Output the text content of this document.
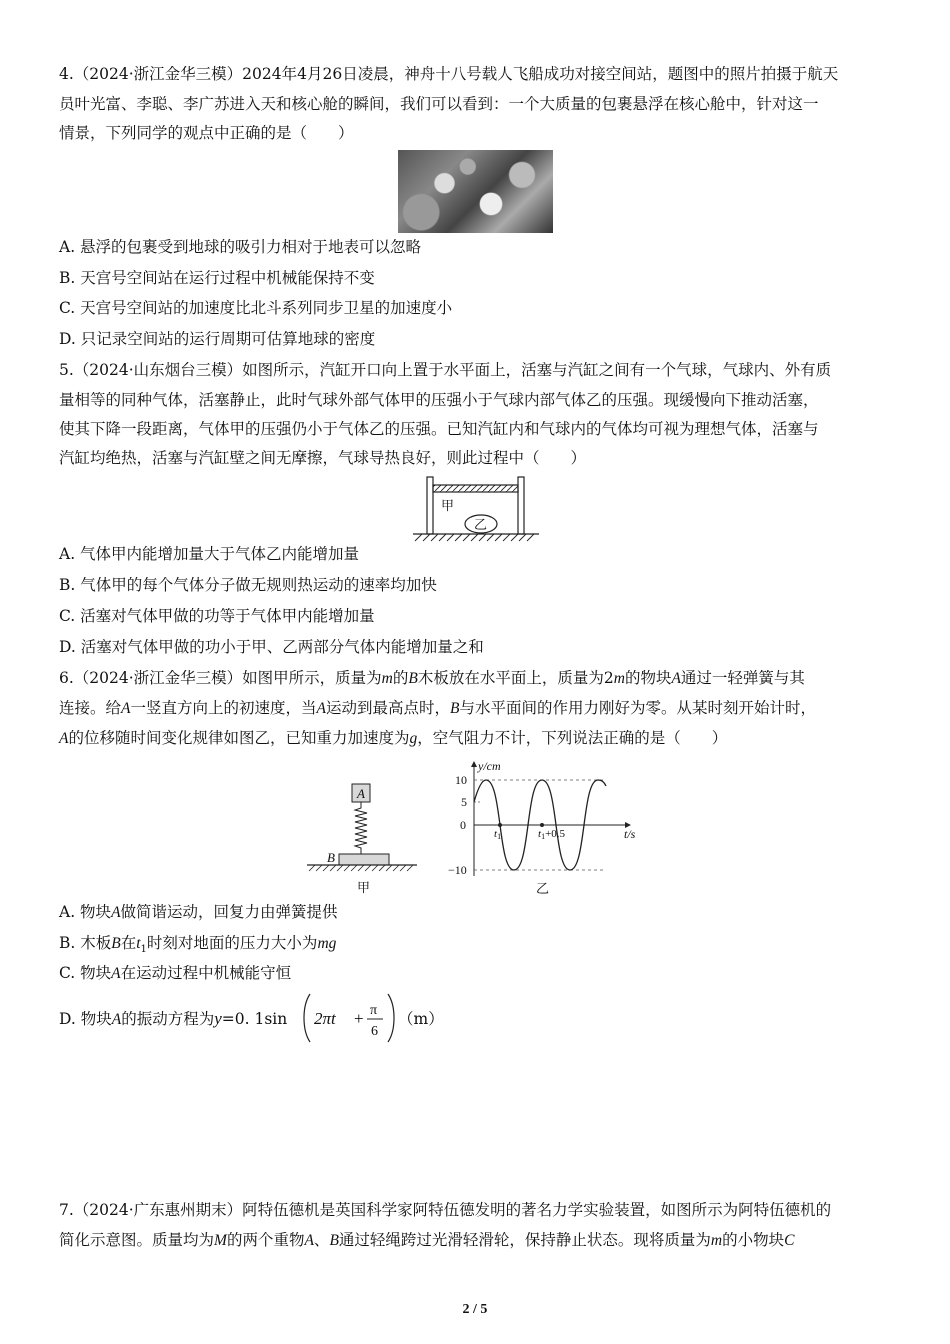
4.（2024·浙江金华三模）2024年4月26日凌晨，神舟十八号载人飞船成功对接空间站，题图中的照片拍摄于航天
员叶光富、李聪、李广苏进入天和核心舱的瞬间，我们可以看到：一个大质量的包裹悬浮在核心舱中，针对这一
情景，下列同学的观点中正确的是（　　）
A. 悬浮的包裹受到地球的吸引力相对于地表可以忽略
B. 天宫号空间站在运行过程中机械能保持不变
C. 天宫号空间站的加速度比北斗系列同步卫星的加速度小
D. 只记录空间站的运行周期可估算地球的密度
5.（2024·山东烟台三模）如图所示，汽缸开口向上置于水平面上，活塞与汽缸之间有一个气球，气球内、外有质
量相等的同种气体，活塞静止，此时气球外部气体甲的压强小于气球内部气体乙的压强。现缓慢向下推动活塞，
使其下降一段距离，气体甲的压强仍小于气体乙的压强。已知汽缸内和气球内的气体均可视为理想气体，活塞与
汽缸均绝热，活塞与汽缸壁之间无摩擦，气球导热良好，则此过程中（　　）
甲
乙
A. 气体甲内能增加量大于气体乙内能增加量
B. 气体甲的每个气体分子做无规则热运动的速率均加快
C. 活塞对气体甲做的功等于气体甲内能增加量
D. 活塞对气体甲做的功小于甲、乙两部分气体内能增加量之和
6.（2024·浙江金华三模）如图甲所示，质量为m的B木板放在水平面上，质量为2m的物块A通过一轻弹簧与其
连接。给A一竖直方向上的初速度，当A运动到最高点时，B与水平面间的作用力刚好为零。从某时刻开始计时，
A的位移随时间变化规律如图乙，已知重力加速度为g，空气阻力不计，下列说法正确的是（　　）
A
B
甲
y/cm
t/s
10
5
0
−10
t1	t1+0.5
乙
A. 物块A做简谐运动，回复力由弹簧提供
B. 木板B在$t_1$时刻对地面的压力大小为mg
C. 物块A在运动过程中机械能守恒
D. 物块A的振动方程为y=0. 1sin 2πt + π
6
（m）
7.（2024·广东惠州期末）阿特伍德机是英国科学家阿特伍德发明的著名力学实验装置，如图所示为阿特伍德机的
简化示意图。质量均为M的两个重物A、B通过轻绳跨过光滑轻滑轮，保持静止状态。现将质量为m的小物块C
2 / 5
